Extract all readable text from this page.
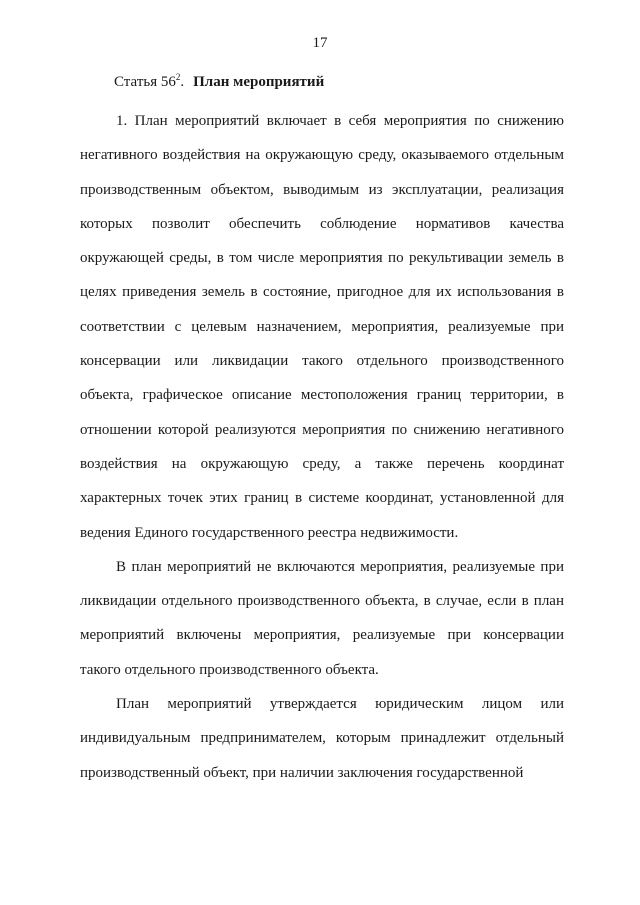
17
Статья $56^2$. План мероприятий

1. План мероприятий включает в себя мероприятия по снижению негативного воздействия на окружающую среду, оказываемого отдельным производственным объектом, выводимым из эксплуатации, реализация которых позволит обеспечить соблюдение нормативов качества окружающей среды, в том числе мероприятия по рекультивации земель в целях приведения земель в состояние, пригодное для их использования в соответствии с целевым назначением, мероприятия, реализуемые при консервации или ликвидации такого отдельного производственного объекта, графическое описание местоположения границ территории, в отношении которой реализуются мероприятия по снижению негативного воздействия на окружающую среду, а также перечень координат характерных точек этих границ в системе координат, установленной для ведения Единого государственного реестра недвижимости.

В план мероприятий не включаются мероприятия, реализуемые при ликвидации отдельного производственного объекта, в случае, если в план мероприятий включены мероприятия, реализуемые при консервации такого отдельного производственного объекта.

План мероприятий утверждается юридическим лицом или индивидуальным предпринимателем, которым принадлежит отдельный производственный объект, при наличии заключения государственной
